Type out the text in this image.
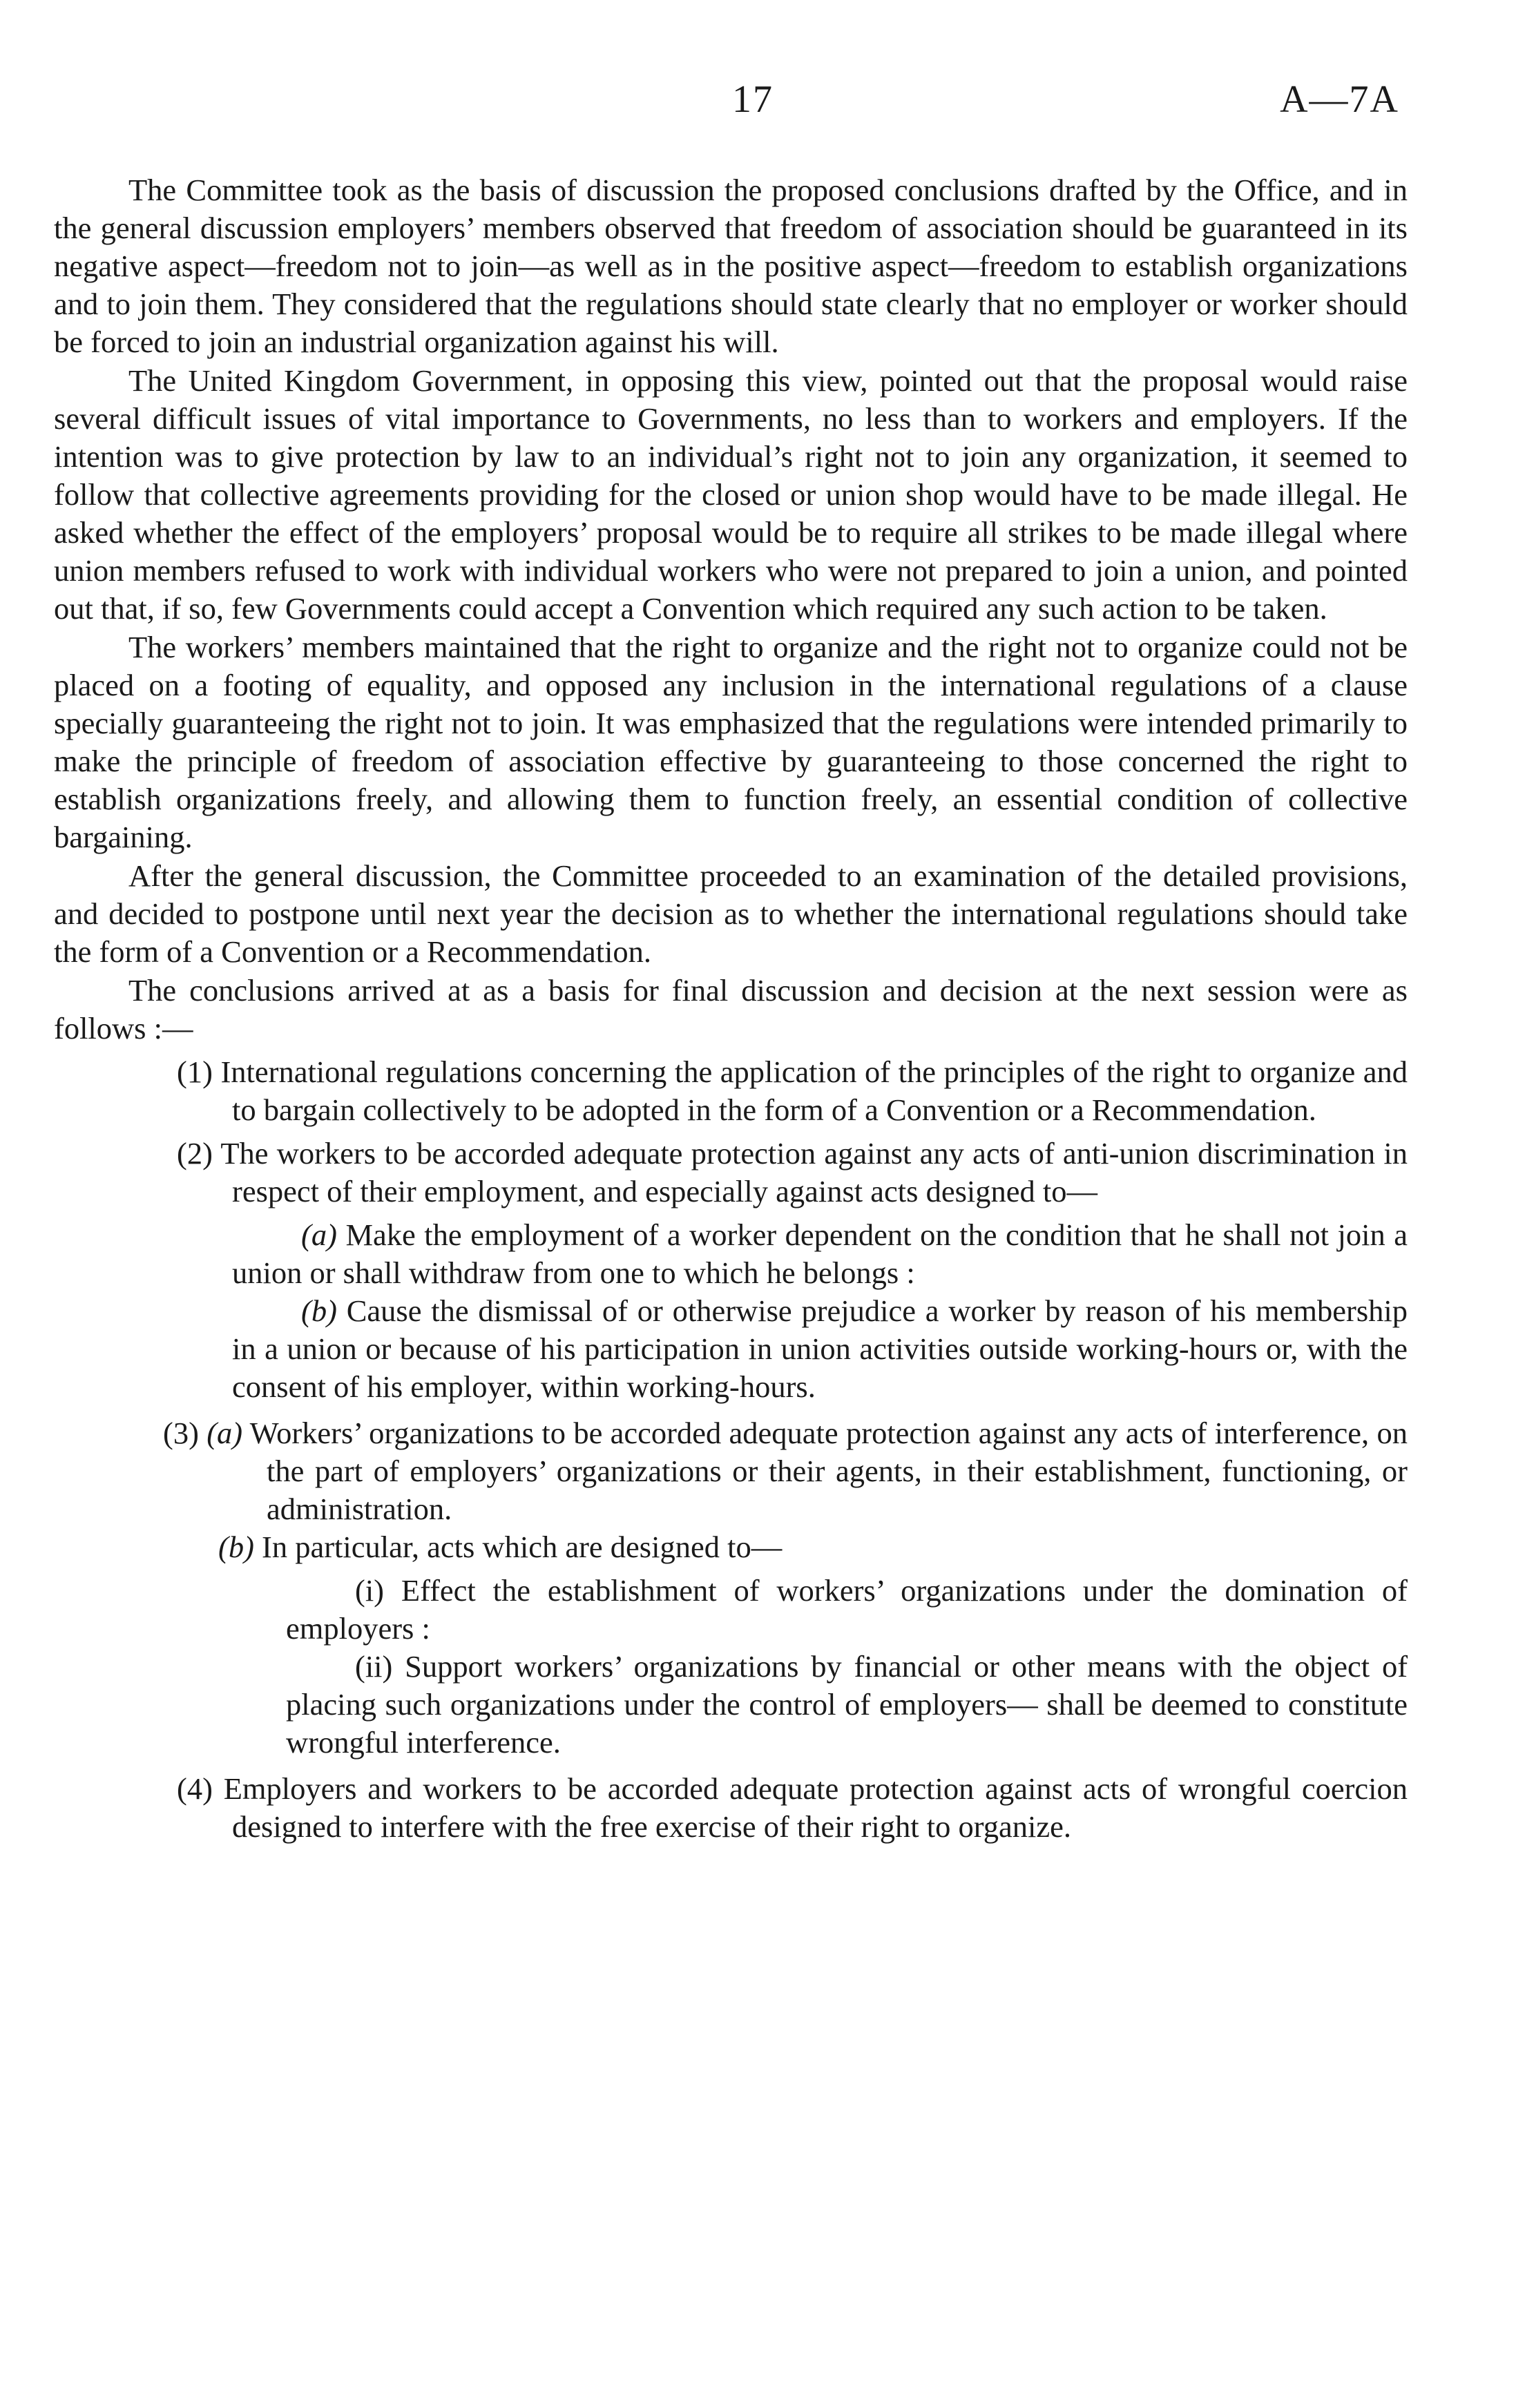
17	A—7A

The Committee took as the basis of discussion the proposed conclusions drafted by the Office, and in the general discussion employers’ members observed that freedom of association should be guaranteed in its negative aspect—freedom not to join—as well as in the positive aspect—freedom to establish organizations and to join them. They considered that the regulations should state clearly that no employer or worker should be forced to join an industrial organization against his will.

The United Kingdom Government, in opposing this view, pointed out that the proposal would raise several difficult issues of vital importance to Governments, no less than to workers and employers. If the intention was to give protection by law to an individual’s right not to join any organization, it seemed to follow that collective agreements providing for the closed or union shop would have to be made illegal. He asked whether the effect of the employers’ proposal would be to require all strikes to be made illegal where union members refused to work with individual workers who were not prepared to join a union, and pointed out that, if so, few Governments could accept a Convention which required any such action to be taken.

The workers’ members maintained that the right to organize and the right not to organize could not be placed on a footing of equality, and opposed any inclusion in the international regulations of a clause specially guaranteeing the right not to join. It was emphasized that the regulations were intended primarily to make the principle of freedom of association effective by guaranteeing to those concerned the right to establish organizations freely, and allowing them to function freely, an essential condition of collective bargaining.

After the general discussion, the Committee proceeded to an examination of the detailed provisions, and decided to postpone until next year the decision as to whether the international regulations should take the form of a Convention or a Recommendation.

The conclusions arrived at as a basis for final discussion and decision at the next session were as follows :—

(1) International regulations concerning the application of the principles of the right to organize and to bargain collectively to be adopted in the form of a Convention or a Recommendation.
(2) The workers to be accorded adequate protection against any acts of anti-union discrimination in respect of their employment, and especially against acts designed to—
(a) Make the employment of a worker dependent on the condition that he shall not join a union or shall withdraw from one to which he belongs :
(b) Cause the dismissal of or otherwise prejudice a worker by reason of his membership in a union or because of his participation in union activities outside working-hours or, with the consent of his employer, within working-hours.
(3) (a) Workers’ organizations to be accorded adequate protection against any acts of interference, on the part of employers’ organizations or their agents, in their establishment, functioning, or administration.
(b) In particular, acts which are designed to—
(i) Effect the establishment of workers’ organizations under the domination of employers :
(ii) Support workers’ organizations by financial or other means with the object of placing such organizations under the control of employers— shall be deemed to constitute wrongful interference.
(4) Employers and workers to be accorded adequate protection against acts of wrongful coercion designed to interfere with the free exercise of their right to organize.
